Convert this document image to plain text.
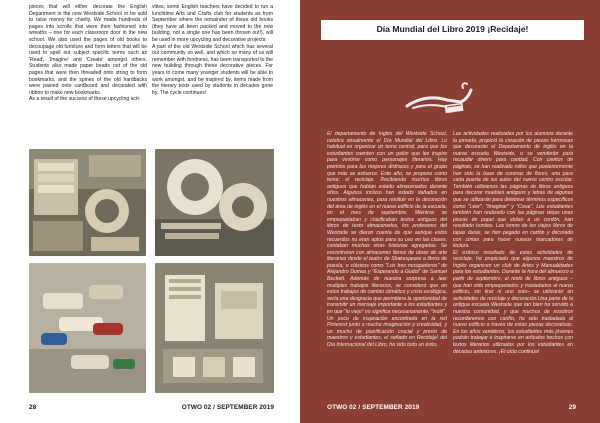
pieces that will either decorate the English Department in the new Westside School or be sold to raise money for charity. We made hundreds of pages into scrolls that were then fashioned into wreaths – one for each classroom door in the new school. We also used the pages of old books to decoupage old furniture and form letters that will be used to spell out subject specific terms such as 'Read', 'Imagine' and 'Create' amongst others. Students also made paper beads out of the old pages that were then threaded onto string to form bookmarks, and the spines of the old hardbacks were pasted onto cardboard and decorated with ribbon to make new bookmarks.
As a result of the success of these upcycling acti-
vities, some English teachers have decided to run a lunchtime Arts and Crafts club for students as from September where the remainder of these old books (they have all been packed and moved to the new building, not a single one has been thrown out!), will be used in more upcycling and decorative projects.
A part of the old Westside School which has several our community so well, and which so many of us will remember with fondness, has been transported to the new building through these decorative pieces. For years to come many younger students will be able to work amongst, and be inspired by, items made from the literary texts used by students in decades gone by. The cycle continues!
28	OTWO 02 / SEPTEMBER 2019
Día Mundial del Libro 2019 ¡Recidaje!
El departamento de Inglés del Westside School, celebra anualmente el Día Mundial del Libro. Lo habitual es organizar un tema central, para que los estudiantes cuenten con un galón que les inspire para vestirse como personajes literarios. Hay premios para los mejores disfraces y para el grupo que más se esfuerce. Este año, se propone como tema: el reciclaje. Recibiendo muchos libros antiguos que habían estado almacenados durante años. Algunos incluso han estado dañados en nuestros almacenes, para restituir en la decoración del área de inglés en el nuevo edificio de la escuela, en el mes de septiembre. Mientras se empaquetaban y clasificaban textos antiguos del libros de texto almacenados, los profesores del Westside se dieron cuenta de que aunque estos recuerdos no eran aptos para su uso en las clases, contaban muchas otras historias agregadas. Se encontraron con almacenes llenos de obras de arte literarias desde el teatro de Shakespeare a libros de poesía, o clásicos como "Los tres mosqueteros" de Alejandro Dumas y "Esperando a Godot" de Samuel Beckett. Además de nuestra sorpresa a leer multiples trabajos literarios, se consideró que en estos trabajos de cambio climático y crisis ecológica, sería una desgracia que permitiera la oportunidad de transmitir un mensaje importante a los estudiantes y en que "lo viejo" no significa necesariamente, "inútil".
Un poco de inspiración encontrada en la red Pinterest junto a mucha imaginación y creatividad, y un mucho de planificación crucial y previo de maestros y estudiantes, el señado en Recidaje! del Día Internacional del Libro, ha sido todo un éxito.
Las actividades realizadas por los alumnos durante la jornada, propició la creación de piezas hermosas que decorarán el Departamento de inglés en la nueva escuela Westside, o se venderán para recaudar dinero para caridad. Con cientos de páginas, se han realizado rollos que posteriormente han sido la base de coronas de flores, una para cada puerta de las aulas del nuevo centro escolar. También utilizamos las páginas de libros antiguos para decorar muebles antiguos y letras de algunas que se utilizarán para deletrear términos específicos como "Leer", "Imaginar" y "Crear". Los estudiantes también han realizado con las páginas viejas unas piezas de papel que ahilan a un cordón, han resultado bonitas. Los lomos de los viejos libros de tapas duras, se han pegado en cartón y decorado con cintas para hacer nuevos marcadores de lectura.
El exitoso resultado de estas actividades de reciclaje, ha propiciado que algunos maestros de Inglés organicen un club de Artes y Manualidades para los estudiantes. Durante la hora del almuerzo a partir de septiembre, el resto de libros antiguos – que han sido empaquetados y trasladados al nuevo edificio, sin tirar ni uno solo– se utilizarán en actividades de reciclaje y decoración.Una parte de la antigua escuela Westside que tan bien ha servido a nuestra comunidad, y que muchos de nosotros recordaremos con cariño, ha sido trasladada al nuevo edificio a través de estas piezas decorativas. En los años venideros, los estudiantes más jóvenes podrán trabajar e inspirarse en artículos hechos con textos literarios utilizados por los estudiantes en décadas anteriores. ¡El ciclo continúa!
OTWO 02 / SEPTEMBER 2019	29
